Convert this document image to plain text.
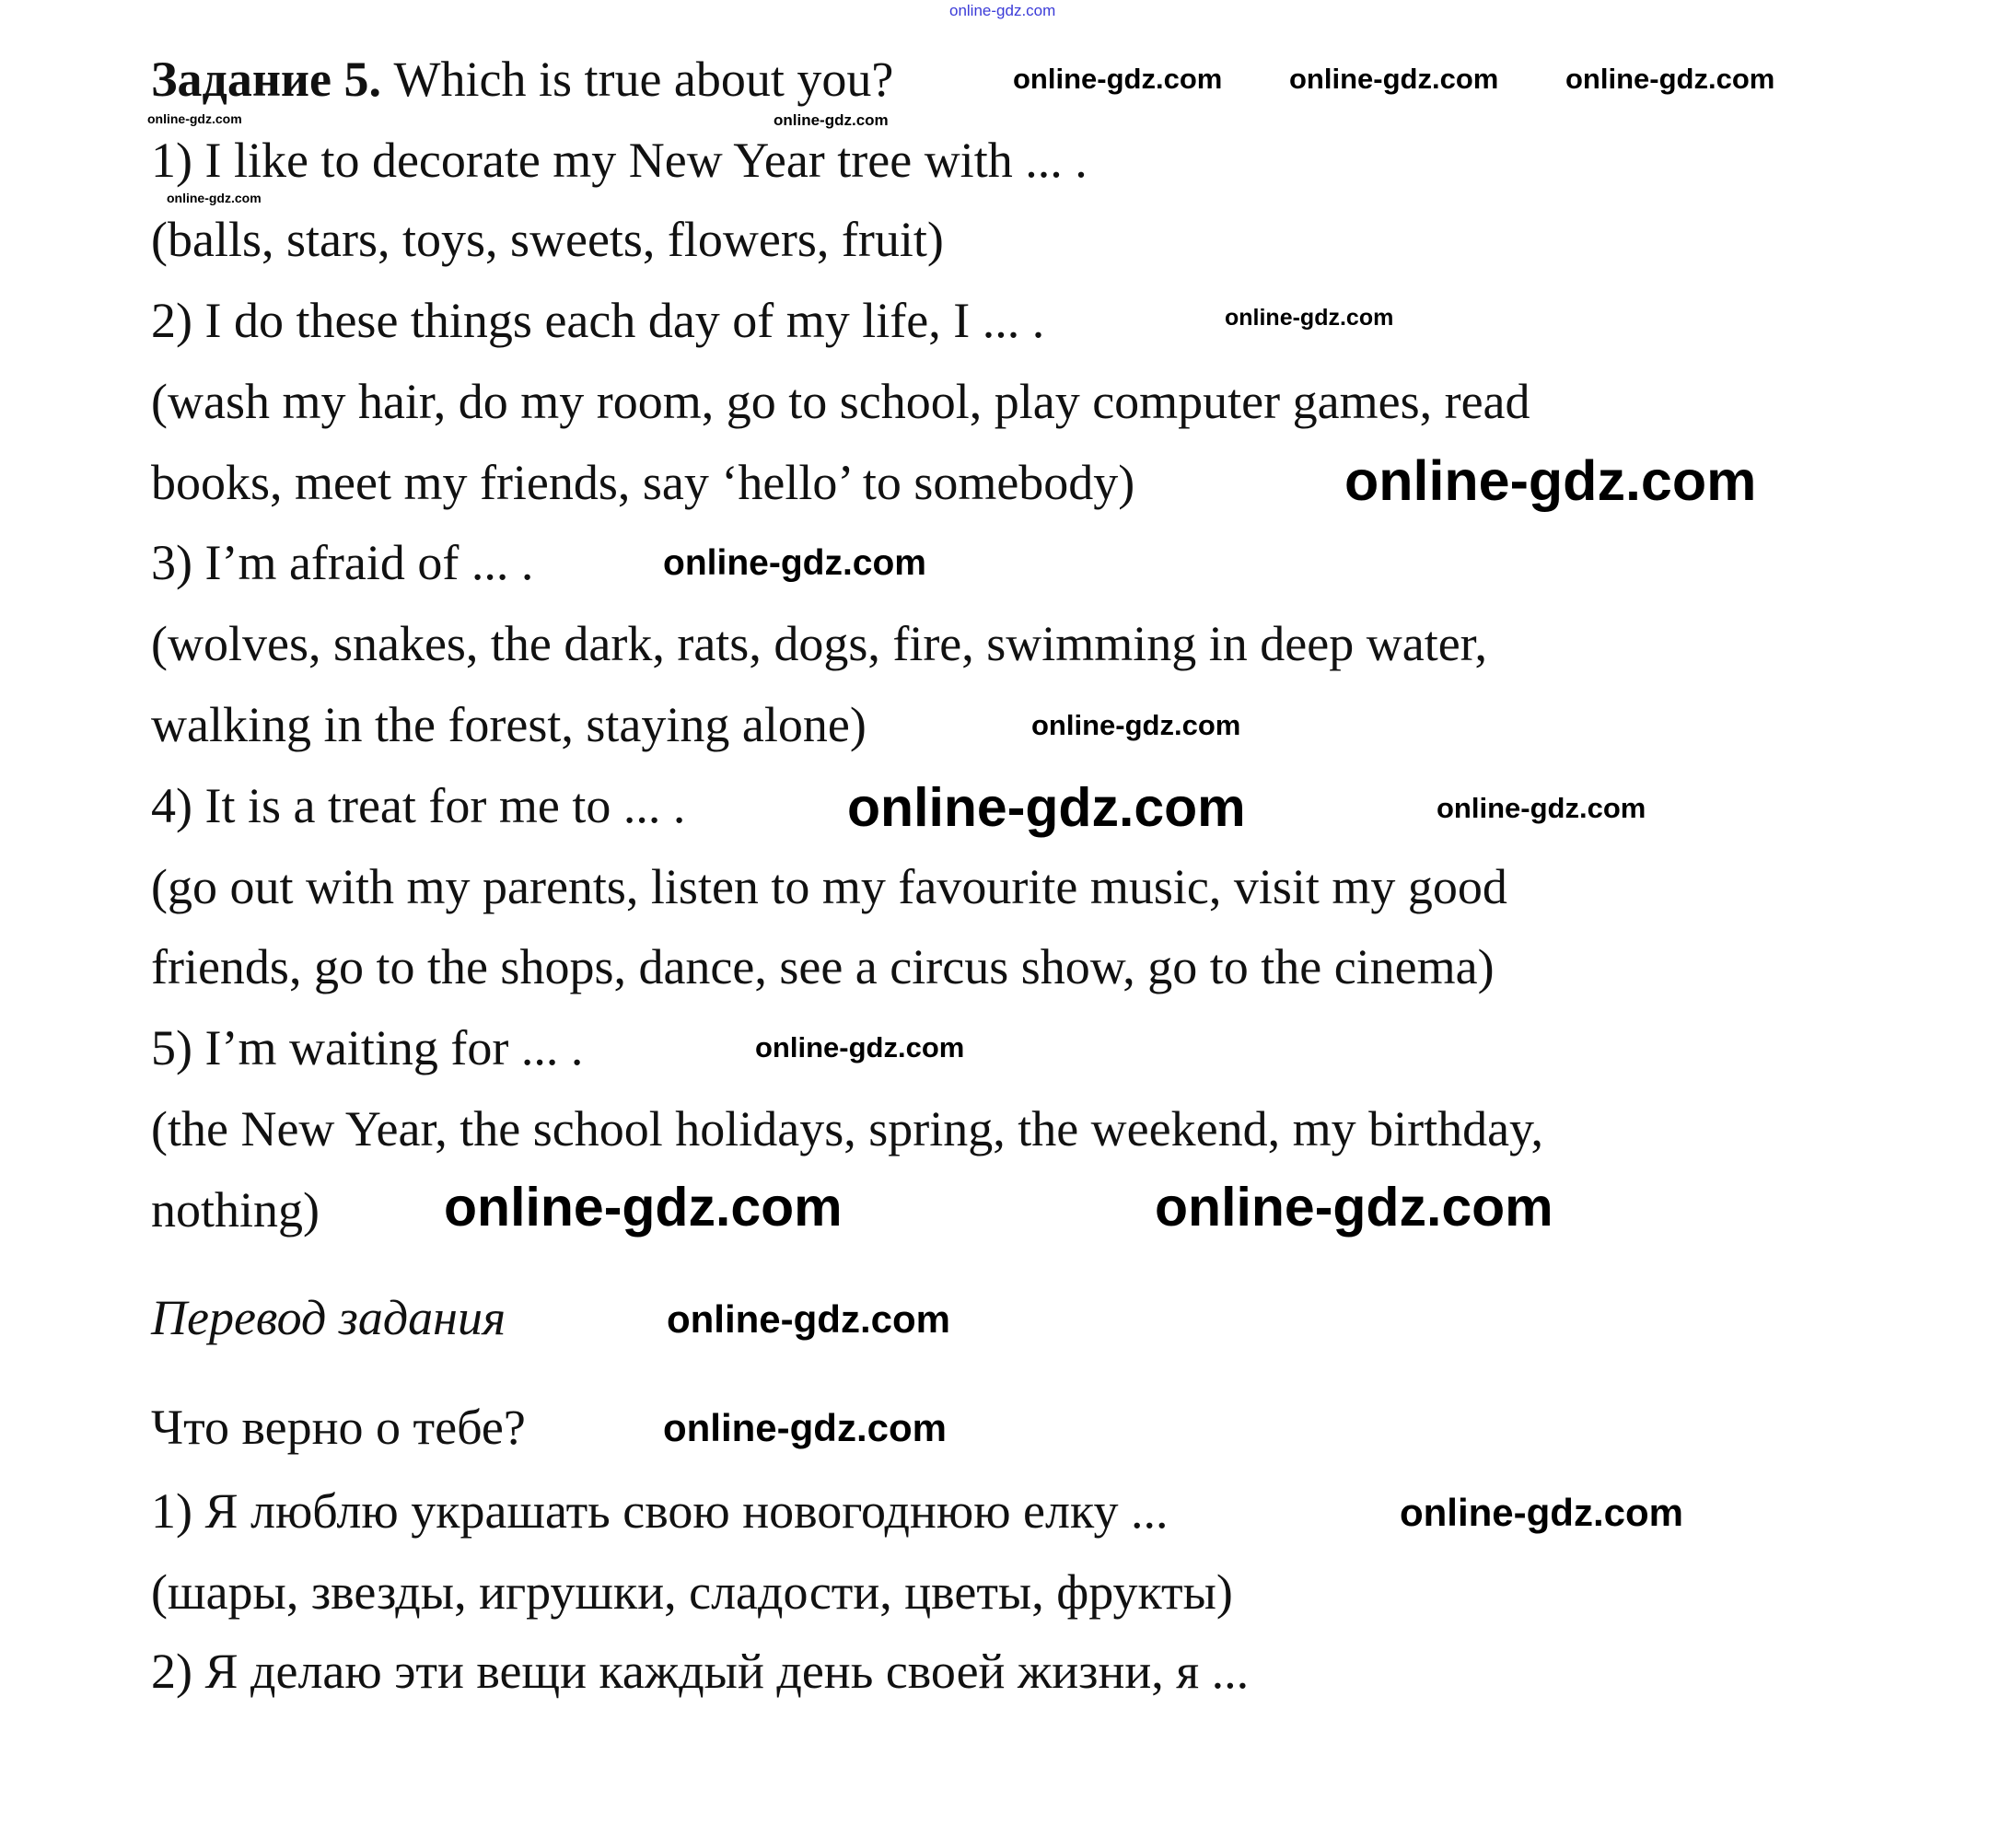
Задание 5. Which is true about you?
1) I like to decorate my New Year tree with ... .
(balls, stars, toys, sweets, flowers, fruit)
2) I do these things each day of my life, I ... .
(wash my hair, do my room, go to school, play computer games, read
books, meet my friends, say ‘hello’ to somebody)
3) I’m afraid of ... .
(wolves, snakes, the dark, rats, dogs, fire, swimming in deep water,
walking in the forest, staying alone)
4) It is a treat for me to ... .
(go out with my parents, listen to my favourite music, visit my good
friends, go to the shops, dance, see a circus show, go to the cinema)
5) I’m waiting for ... .
(the New Year, the school holidays, spring, the weekend, my birthday,
nothing)
Перевод задания
Что верно о тебе?
1) Я люблю украшать свою новогоднюю елку ...
(шары, звезды, игрушки, сладости, цветы, фрукты)
2) Я делаю эти вещи каждый день своей жизни, я ...
online-gdz.com
online-gdz.com
online-gdz.com
online-gdz.com
online-gdz.com online-gdz.com
online-gdz.com
online-gdz.com
online-gdz.com
online-gdz.com
online-gdz.com
online-gdz.com
online-gdz.com
online-gdz.com
online-gdz.com	online-gdz.com
online-gdz.com
online-gdz.com
online-gdz.com
